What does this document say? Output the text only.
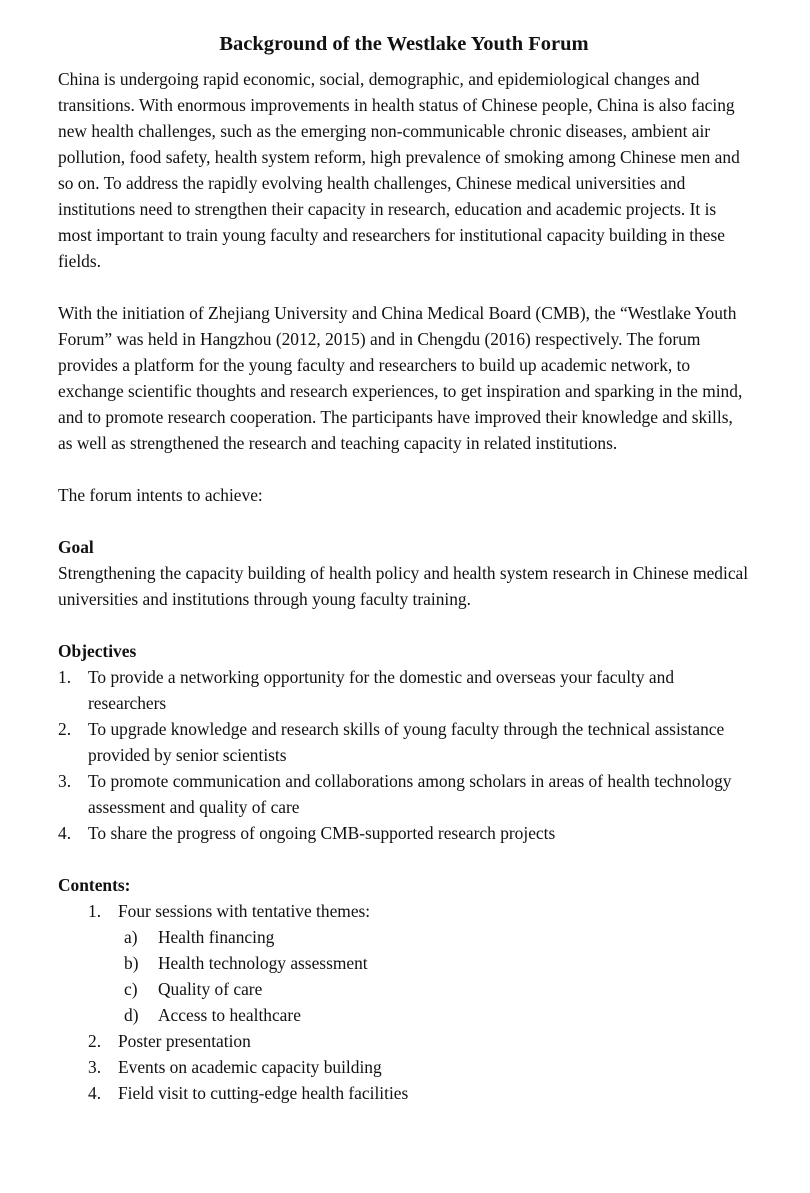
Background of the Westlake Youth Forum

China is undergoing rapid economic, social, demographic, and epidemiological changes and transitions. With enormous improvements in health status of Chinese people, China is also facing new health challenges, such as the emerging non-communicable chronic diseases, ambient air pollution, food safety, health system reform, high prevalence of smoking among Chinese men and so on. To address the rapidly evolving health challenges, Chinese medical universities and institutions need to strengthen their capacity in research, education and academic projects. It is most important to train young faculty and researchers for institutional capacity building in these fields.

With the initiation of Zhejiang University and China Medical Board (CMB), the “Westlake Youth Forum” was held in Hangzhou (2012, 2015) and in Chengdu (2016) respectively. The forum provides a platform for the young faculty and researchers to build up academic network, to exchange scientific thoughts and research experiences, to get inspiration and sparking in the mind, and to promote research cooperation. The participants have improved their knowledge and skills, as well as strengthened the research and teaching capacity in related institutions.

The forum intents to achieve:

Goal

Strengthening the capacity building of health policy and health system research in Chinese medical universities and institutions through young faculty training.

Objectives
1. To provide a networking opportunity for the domestic and overseas your faculty and researchers
2. To upgrade knowledge and research skills of young faculty through the technical assistance provided by senior scientists
3. To promote communication and collaborations among scholars in areas of health technology assessment and quality of care
4. To share the progress of ongoing CMB-supported research projects
Contents:
1. Four sessions with tentative themes:
a) Health financing
b) Health technology assessment
c) Quality of care
d) Access to healthcare
2. Poster presentation
3. Events on academic capacity building
4. Field visit to cutting-edge health facilities
